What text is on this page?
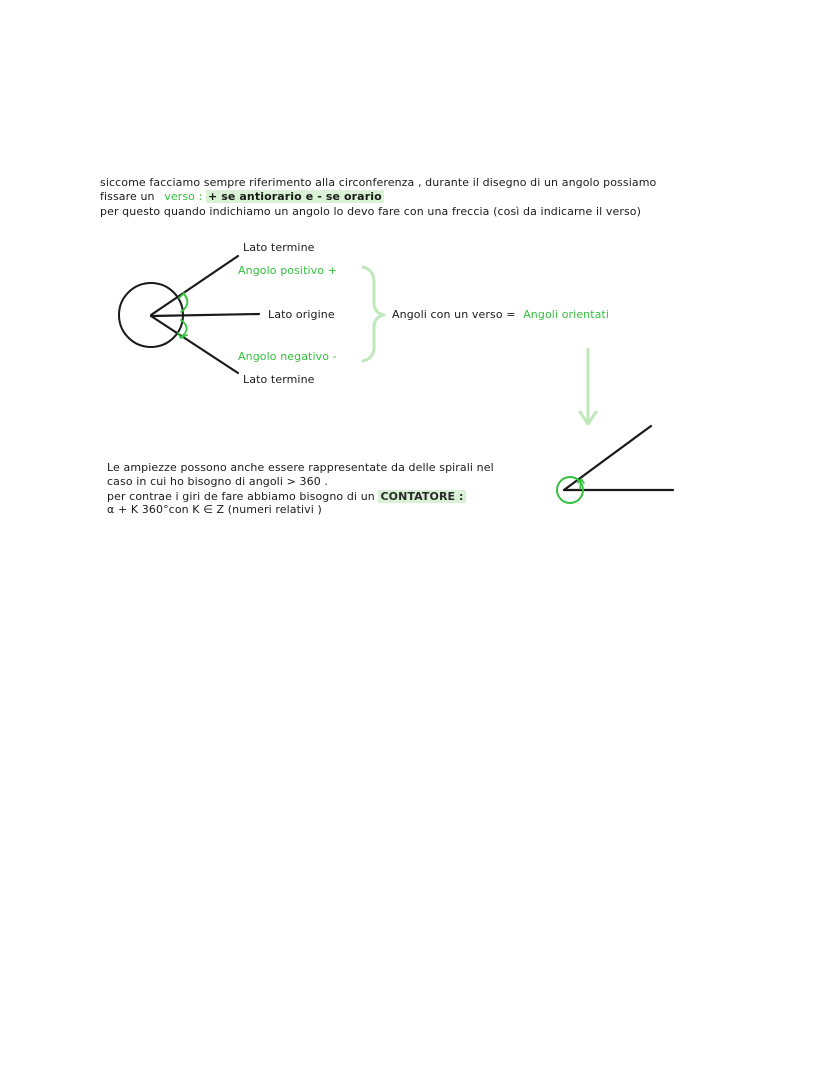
siccome facciamo sempre riferimento alla circonferenza , durante il disegno di un angolo possiamo
fissare un verso : + se antiorario e - se orario
per questo quando indichiamo un angolo lo devo fare con una freccia (così da indicarne il verso)
Lato termine
Angolo positivo +
Lato origine
Angolo negativo -
Lato termine
Angoli con un verso = Angoli orientati
Le ampiezze possono anche essere rappresentate da delle spirali nel
caso in cui ho bisogno di angoli > 360 .
per contrae i giri de fare abbiamo bisogno di un CONTATORE :
α + K 360°con K ∈ Z (numeri relativi )
